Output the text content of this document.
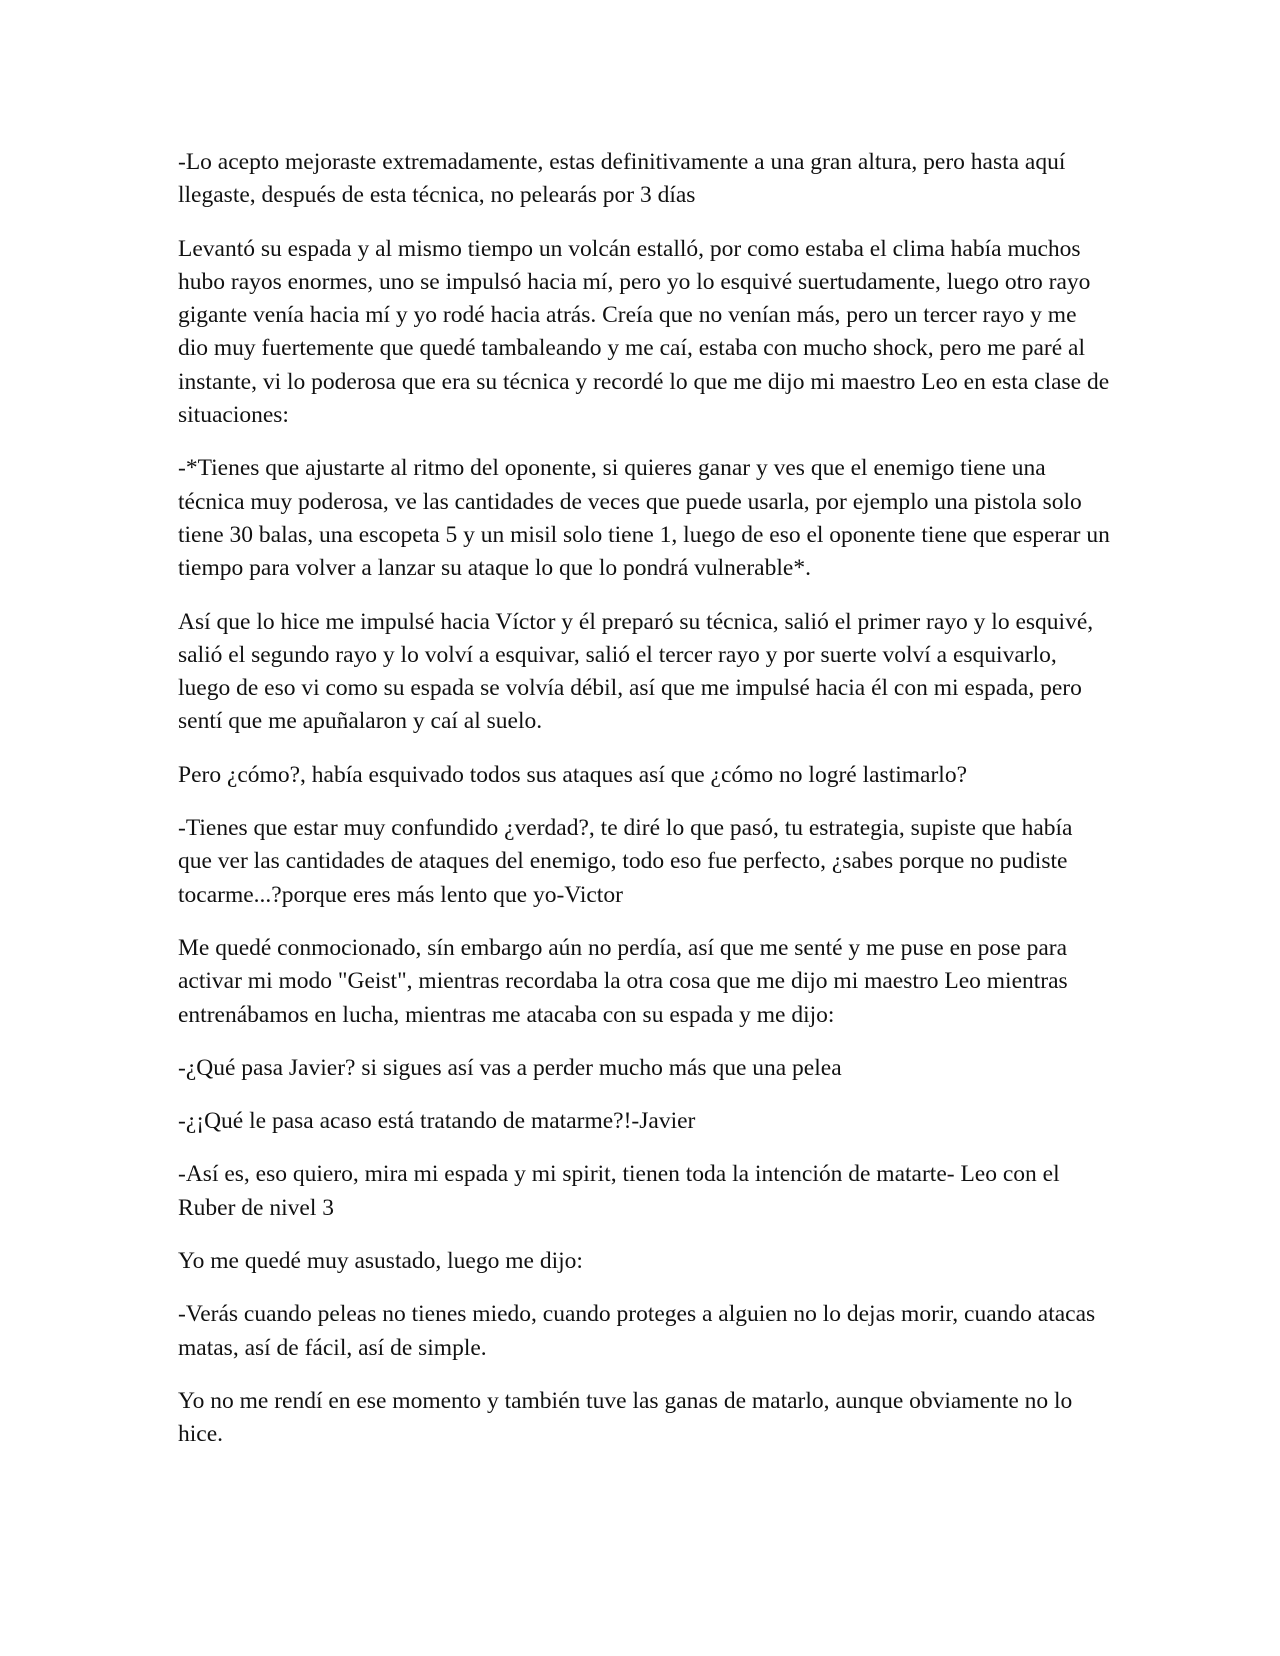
-Lo acepto mejoraste extremadamente, estas definitivamente a una gran altura, pero hasta aquí llegaste, después de esta técnica, no pelearás por 3 días

Levantó su espada y al mismo tiempo un volcán estalló, por como estaba el clima había muchos hubo rayos enormes, uno se impulsó hacia mí, pero yo lo esquivé suertudamente, luego otro rayo gigante venía hacia mí y yo rodé hacia atrás. Creía que no venían más, pero un tercer rayo y me dio muy fuertemente que quedé tambaleando y me caí, estaba con mucho shock, pero me paré al instante, vi lo poderosa que era su técnica y recordé lo que me dijo mi maestro Leo en esta clase de situaciones:

-*Tienes que ajustarte al ritmo del oponente, si quieres ganar y ves que el enemigo tiene una técnica muy poderosa, ve las cantidades de veces que puede usarla, por ejemplo una pistola solo tiene 30 balas, una escopeta 5 y un misil solo tiene 1, luego de eso el oponente tiene que esperar un tiempo para volver a lanzar su ataque lo que lo pondrá vulnerable*.

Así que lo hice me impulsé hacia Víctor y él preparó su técnica, salió el primer rayo y lo esquivé, salió el segundo rayo y lo volví a esquivar, salió el tercer rayo y por suerte volví a esquivarlo, luego de eso vi como su espada se volvía débil, así que me impulsé hacia él con mi espada, pero sentí que me apuñalaron y caí al suelo.

Pero ¿cómo?, había esquivado todos sus ataques así que ¿cómo no logré lastimarlo?

-Tienes que estar muy confundido ¿verdad?, te diré lo que pasó, tu estrategia, supiste que había que ver las cantidades de ataques del enemigo, todo eso fue perfecto, ¿sabes porque no pudiste tocarme...?porque eres más lento que yo-Victor

Me quedé conmocionado, sín embargo aún no perdía, así que me senté y me puse en pose para activar mi modo "Geist", mientras recordaba la otra cosa que me dijo mi maestro Leo mientras entrenábamos en lucha, mientras me atacaba con su espada y me dijo:

-¿Qué pasa Javier? si sigues así vas a perder mucho más que una pelea

-¿¡Qué le pasa acaso está tratando de matarme?!-Javier

-Así es, eso quiero, mira mi espada y mi spirit, tienen toda la intención de matarte- Leo con el Ruber de nivel 3

Yo me quedé muy asustado, luego me dijo:

-Verás cuando peleas no tienes miedo, cuando proteges a alguien no lo dejas morir, cuando atacas matas, así de fácil, así de simple.

Yo no me rendí en ese momento y también tuve las ganas de matarlo, aunque obviamente no lo hice.
